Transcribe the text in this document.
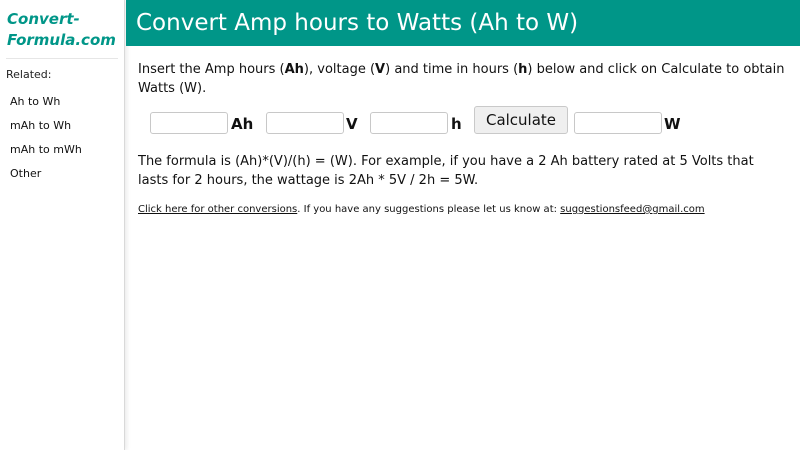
Convert-
Formula.com
Related:
Ah to Wh
mAh to Wh
mAh to mWh
Other
Convert Amp hours to Watts (Ah to W)

Insert the Amp hours (Ah), voltage (V) and time in hours (h) below and click on Calculate to obtain Watts (W).

Ah	V	h	Calculate	W

The formula is (Ah)*(V)/(h) = (W). For example, if you have a 2 Ah battery rated at 5 Volts that lasts for 2 hours, the wattage is 2Ah * 5V / 2h = 5W.

Click here for other conversions. If you have any suggestions please let us know at: suggestionsfeed@gmail.com
